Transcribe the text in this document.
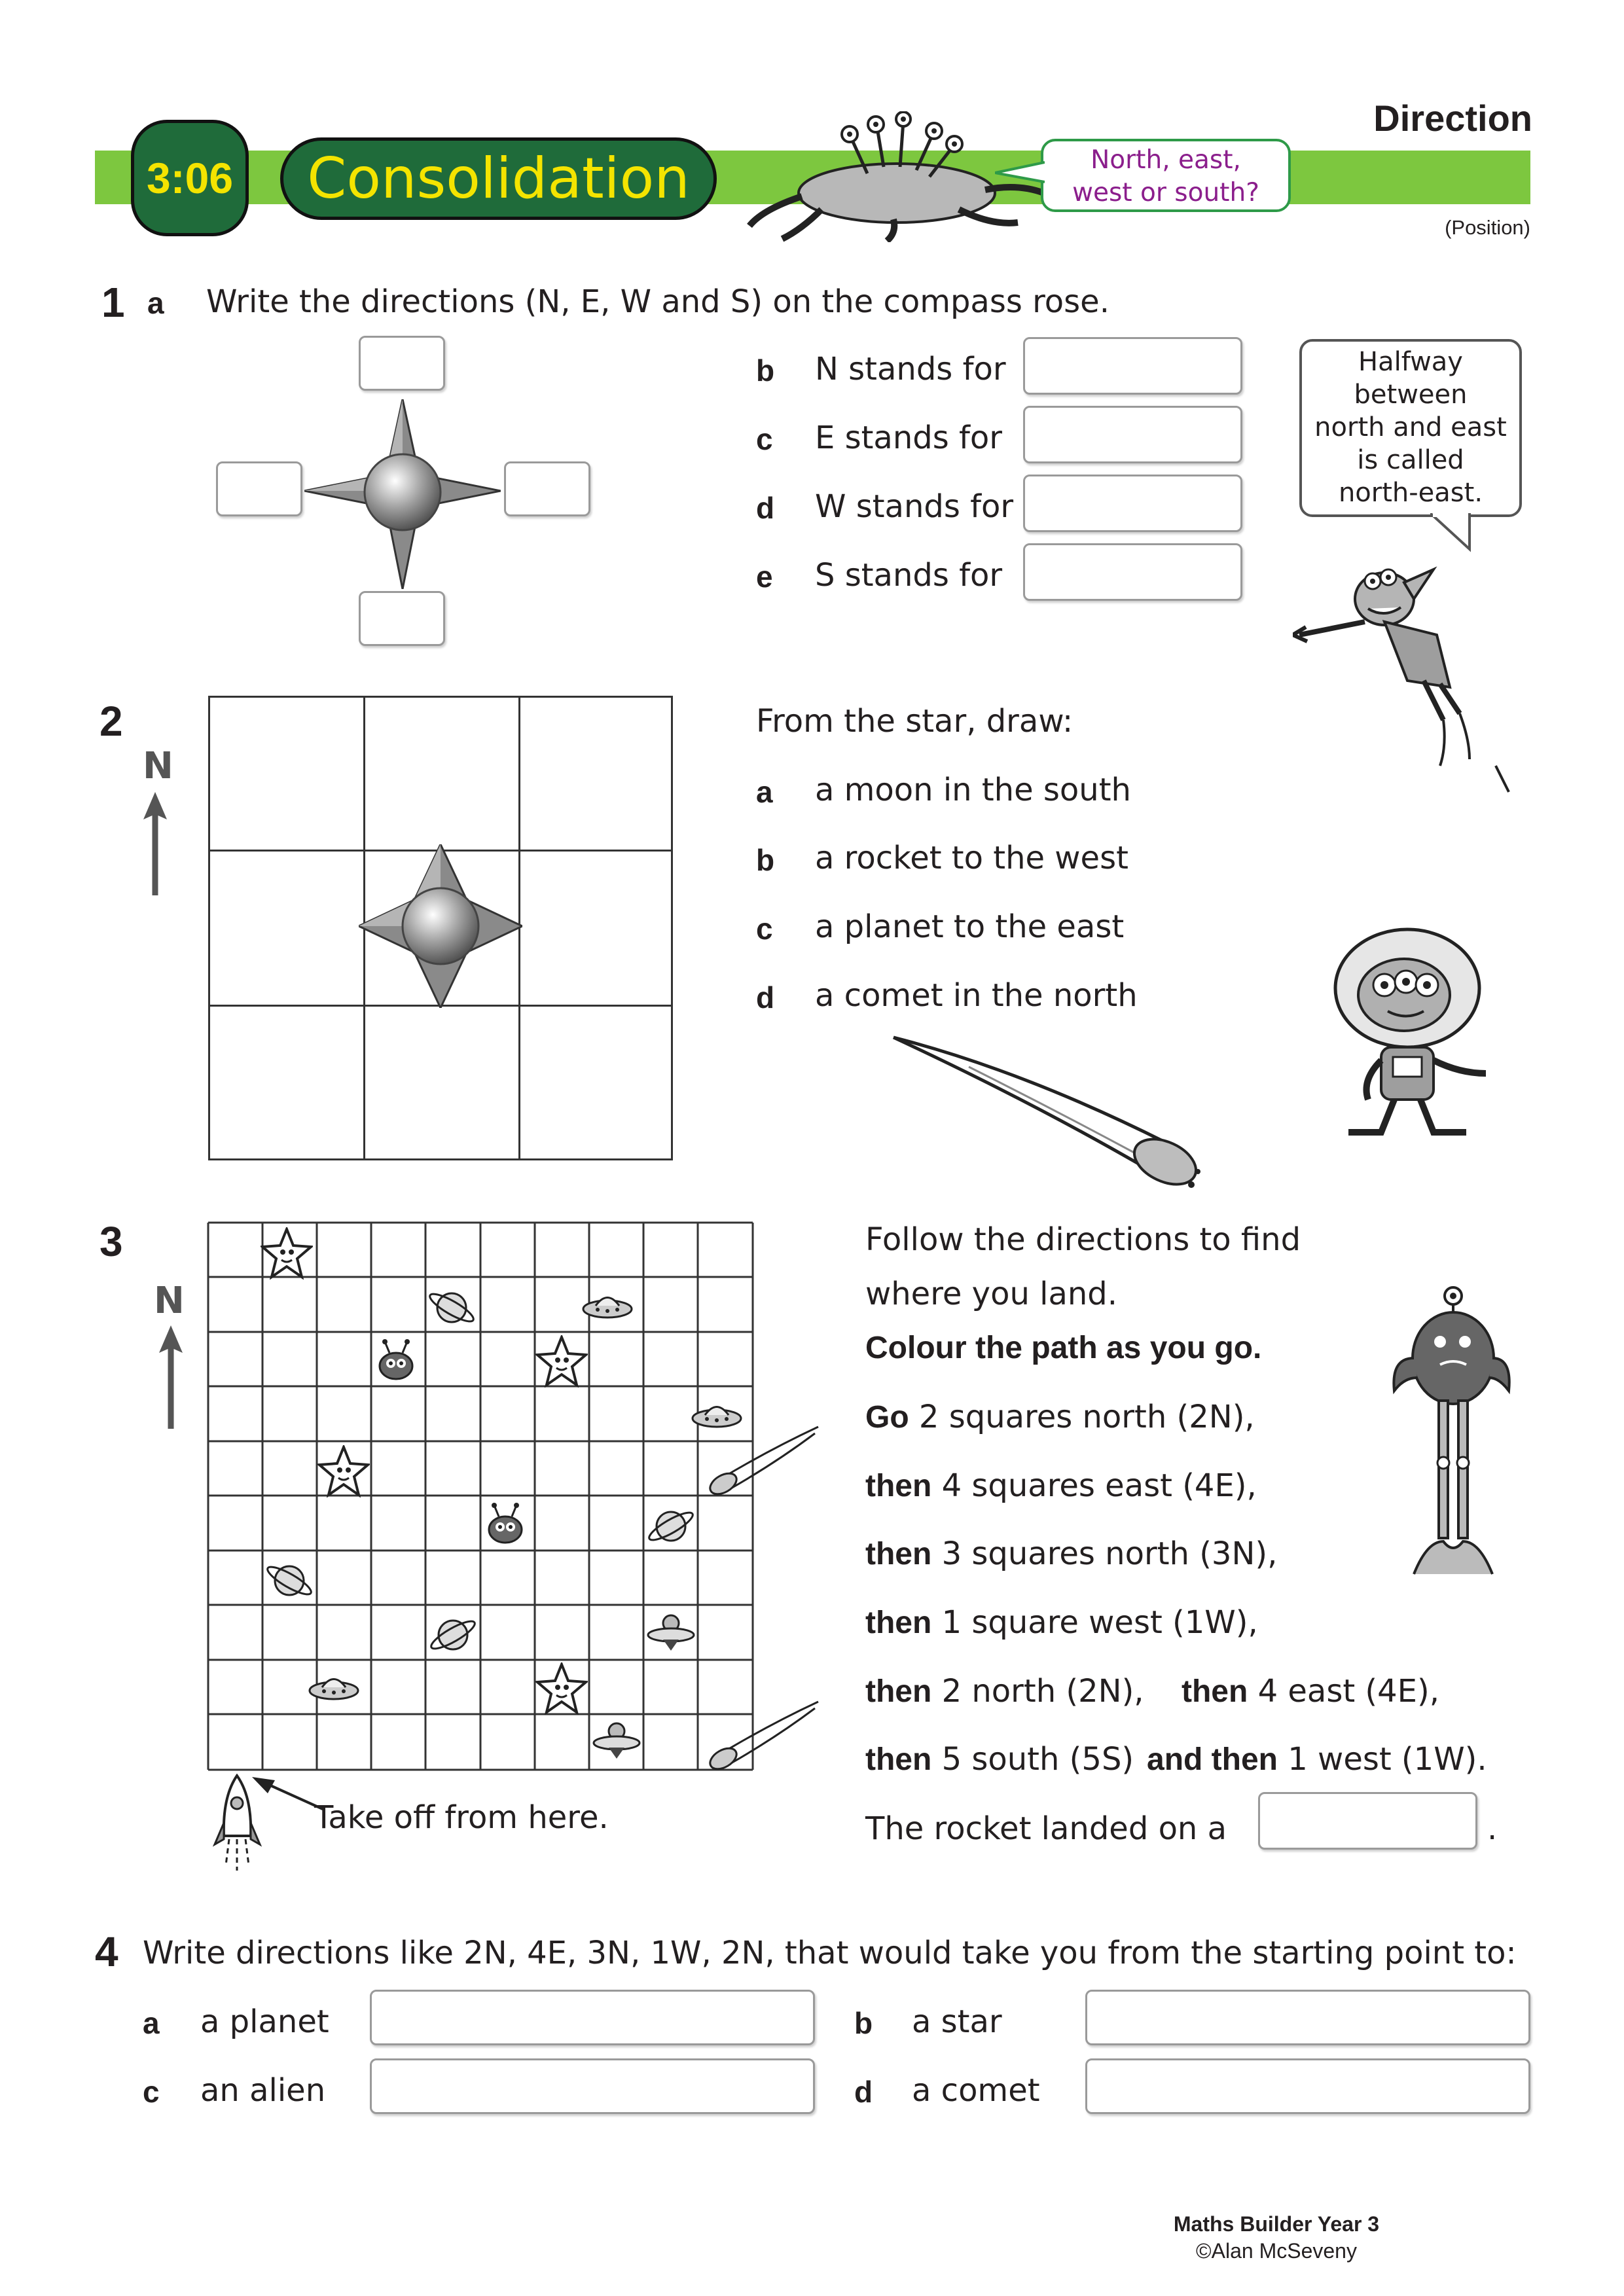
Direction
3:06 Consolidation	North, east,
west or south?
(Position)
1 a Write the directions (N, E, W and S) on the compass rose.
b N stands for
c E stands for
d W stands for
e S stands for
Halfway
between
north and east
is called
north-east.
2
N
From the star, draw:
a a moon in the south
b a rocket to the west
c a planet to the east
d a comet in the north
3
N
Take off from here.
Follow the directions to find
where you land.
Colour the path as you go.
Go 2 squares north (2N),
then 4 squares east (4E),
then 3 squares north (3N),
then 1 square west (1W),
then 2 north (2N), then 4 east (4E),
then 5 south (5S) and then 1 west (1W).
The rocket landed on a	.
4 Write directions like 2N, 4E, 3N, 1W, 2N, that would take you from the starting point to:
a a planet	b a star
c an alien	d a comet
Maths Builder Year 3
©Alan McSeveny
